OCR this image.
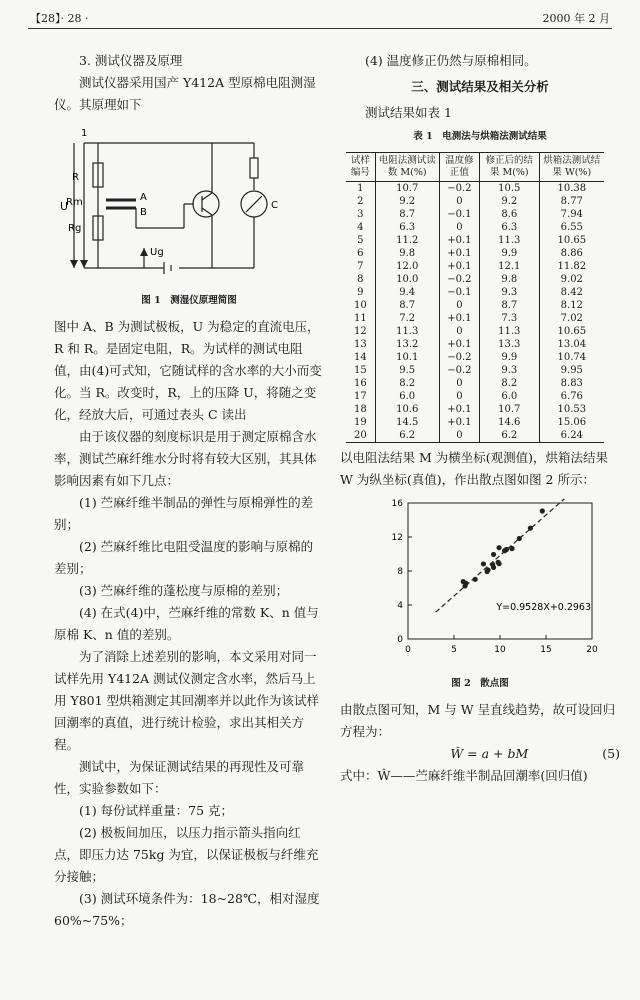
【28】· 28 ·	2000 年 2 月

3. 测试仪器及原理

测试仪器采用国产 Y412A 型原棉电阻测湿仪。其原理如下

1
U
R
Rm	A
B
Rg
Ug
C
图 1　测湿仪原理简图

图中 A、B 为测试极板，U 为稳定的直流电压，R 和 R。是固定电阻，R。为试样的测试电阻值，由(4)可式知，它随试样的含水率的大小而变化。当 R。改变时，R，上的压降 U，将随之变化，经放大后，可通过表头 C 读出

由于该仪器的刻度标识是用于测定原棉含水率，测试苎麻纤维水分时将有较大区别，其具体影响因素有如下几点：

(1) 苎麻纤维半制品的弹性与原棉弹性的差别；

(2) 苎麻纤维比电阻受温度的影响与原棉的差别；

(3) 苎麻纤维的蓬松度与原棉的差别；

(4) 在式(4)中，苎麻纤维的常数 K、n 值与原棉 K、n 值的差别。

为了消除上述差别的影响，本文采用对同一试样先用 Y412A 测试仪测定含水率，然后马上用 Y801 型烘箱测定其回潮率并以此作为该试样回潮率的真值，进行统计检验，求出其相关方程。

测试中，为保证测试结果的再现性及可靠性，实验参数如下：

(1) 每份试样重量：75 克；

(2) 极板间加压，以压力指示箭头指向红点，即压力达 75kg 为宜，以保证极板与纤维充分接触；

(3) 测试环境条件为：18~28℃，相对湿度 60%~75%；

(4) 温度修正仍然与原棉相同。

三、测试结果及相关分析

测试结果如表 1

表 1　电测法与烘箱法测试结果
试样编号	电阻法测试读数 M(%)	温度修正值	修正后的结果 M(%)	烘箱法测试结果 W(%)
1	10.7	−0.2	10.5	10.38
2	9.2	0	9.2	8.77
3	8.7	−0.1	8.6	7.94
4	6.3	0	6.3	6.55
5	11.2	+0.1	11.3	10.65
6	9.8	+0.1	9.9	8.86
7	12.0	+0.1	12.1	11.82
8	10.0	−0.2	9.8	9.02
9	9.4	−0.1	9.3	8.42
10	8.7	0	8.7	8.12
11	7.2	+0.1	7.3	7.02
12	11.3	0	11.3	10.65
13	13.2	+0.1	13.3	13.04
14	10.1	−0.2	9.9	10.74
15	9.5	−0.2	9.3	9.95
16	8.2	0	8.2	8.83
17	6.0	0	6.0	6.76
18	10.6	+0.1	10.7	10.53
19	14.5	+0.1	14.6	15.06
20	6.2	0	6.2	6.24

以电阻法结果 M 为横坐标(观测值)，烘箱法结果 W 为纵坐标(真值)，作出散点图如图 2 所示：

0	5	10	15	20
0
4
8
12
16
Y=0.9528X+0.2963
图 2　散点图

由散点图可知，M 与 W 呈直线趋势，故可设回归方程为：

Ŵ = a + bM	(5)

式中：Ŵ——苎麻纤维半制品回潮率(回归值)
